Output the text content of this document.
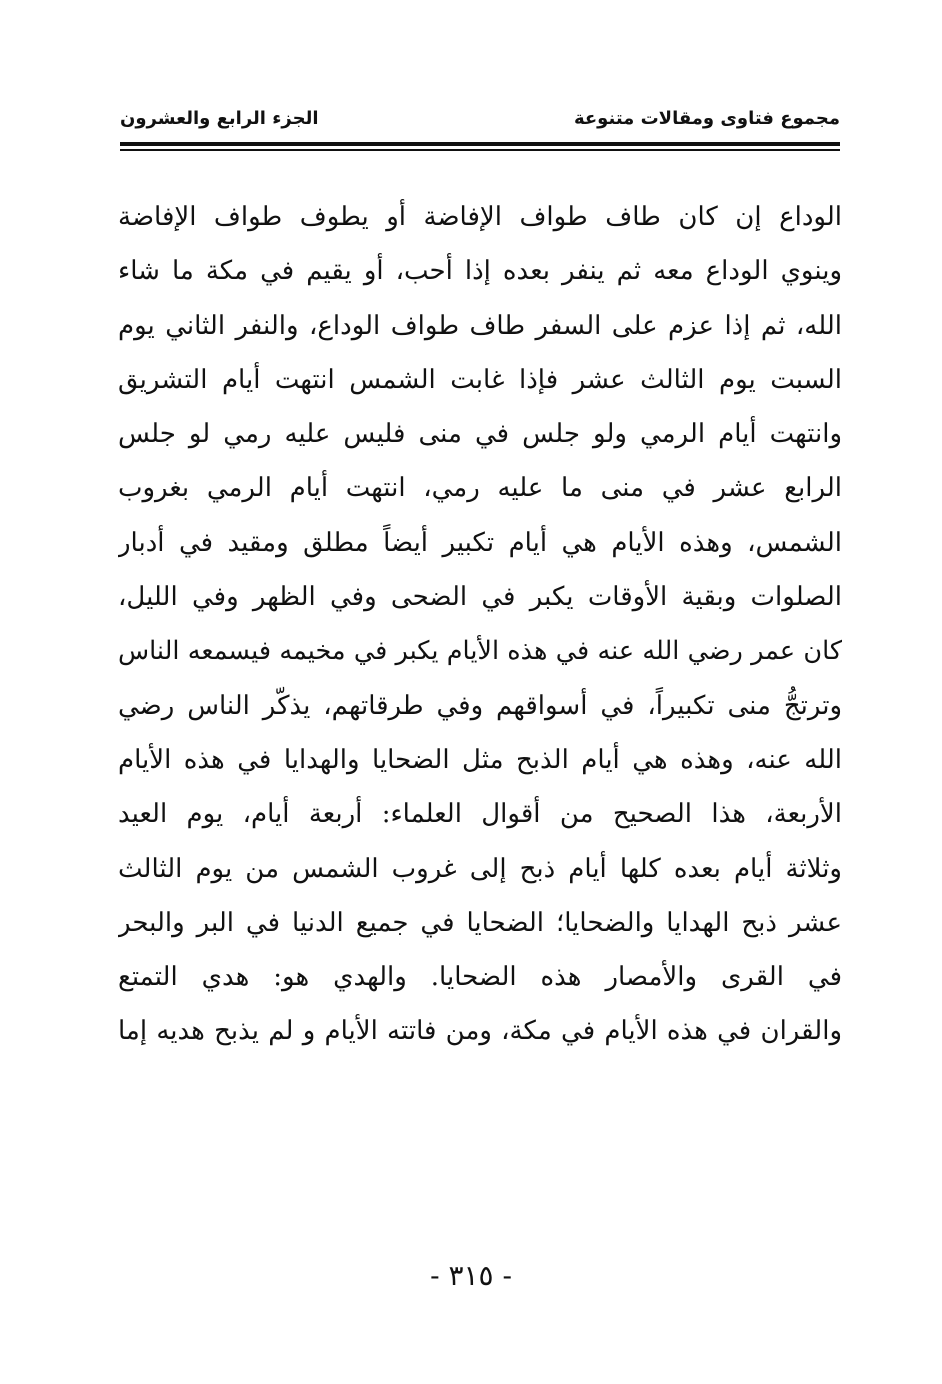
مجموع فتاوى ومقالات متنوعة
الجزء الرابع والعشرون
الوداع إن كان طاف طواف الإفاضة أو يطوف طواف الإفاضة
وينوي الوداع معه ثم ينفر بعده إذا أحب، أو يقيم في مكة ما شاء
الله، ثم إذا عزم على السفر طاف طواف الوداع، والنفر الثاني يوم
السبت يوم الثالث عشر فإذا غابت الشمس انتهت أيام التشريق
وانتهت أيام الرمي ولو جلس في منى فليس عليه رمي لو جلس
الرابع عشر في منى ما عليه رمي، انتهت أيام الرمي بغروب
الشمس، وهذه الأيام هي أيام تكبير أيضاً مطلق ومقيد في أدبار
الصلوات وبقية الأوقات يكبر في الضحى وفي الظهر وفي الليل،
كان عمر رضي الله عنه في هذه الأيام يكبر في مخيمه فيسمعه الناس
وترتجُّ منى تكبيراً، في أسواقهم وفي طرقاتهم، يذكّر الناس رضي
الله عنه، وهذه هي أيام الذبح مثل الضحايا والهدايا في هذه الأيام
الأربعة، هذا الصحيح من أقوال العلماء: أربعة أيام، يوم العيد
وثلاثة أيام بعده كلها أيام ذبح إلى غروب الشمس من يوم الثالث
عشر ذبح الهدايا والضحايا؛ الضحايا في جميع الدنيا في البر والبحر
في القرى والأمصار هذه الضحايا. والهدي هو: هدي التمتع
والقران في هذه الأيام في مكة، ومن فاتته الأيام و لم يذبح هديه إما
- ٣١٥ -
